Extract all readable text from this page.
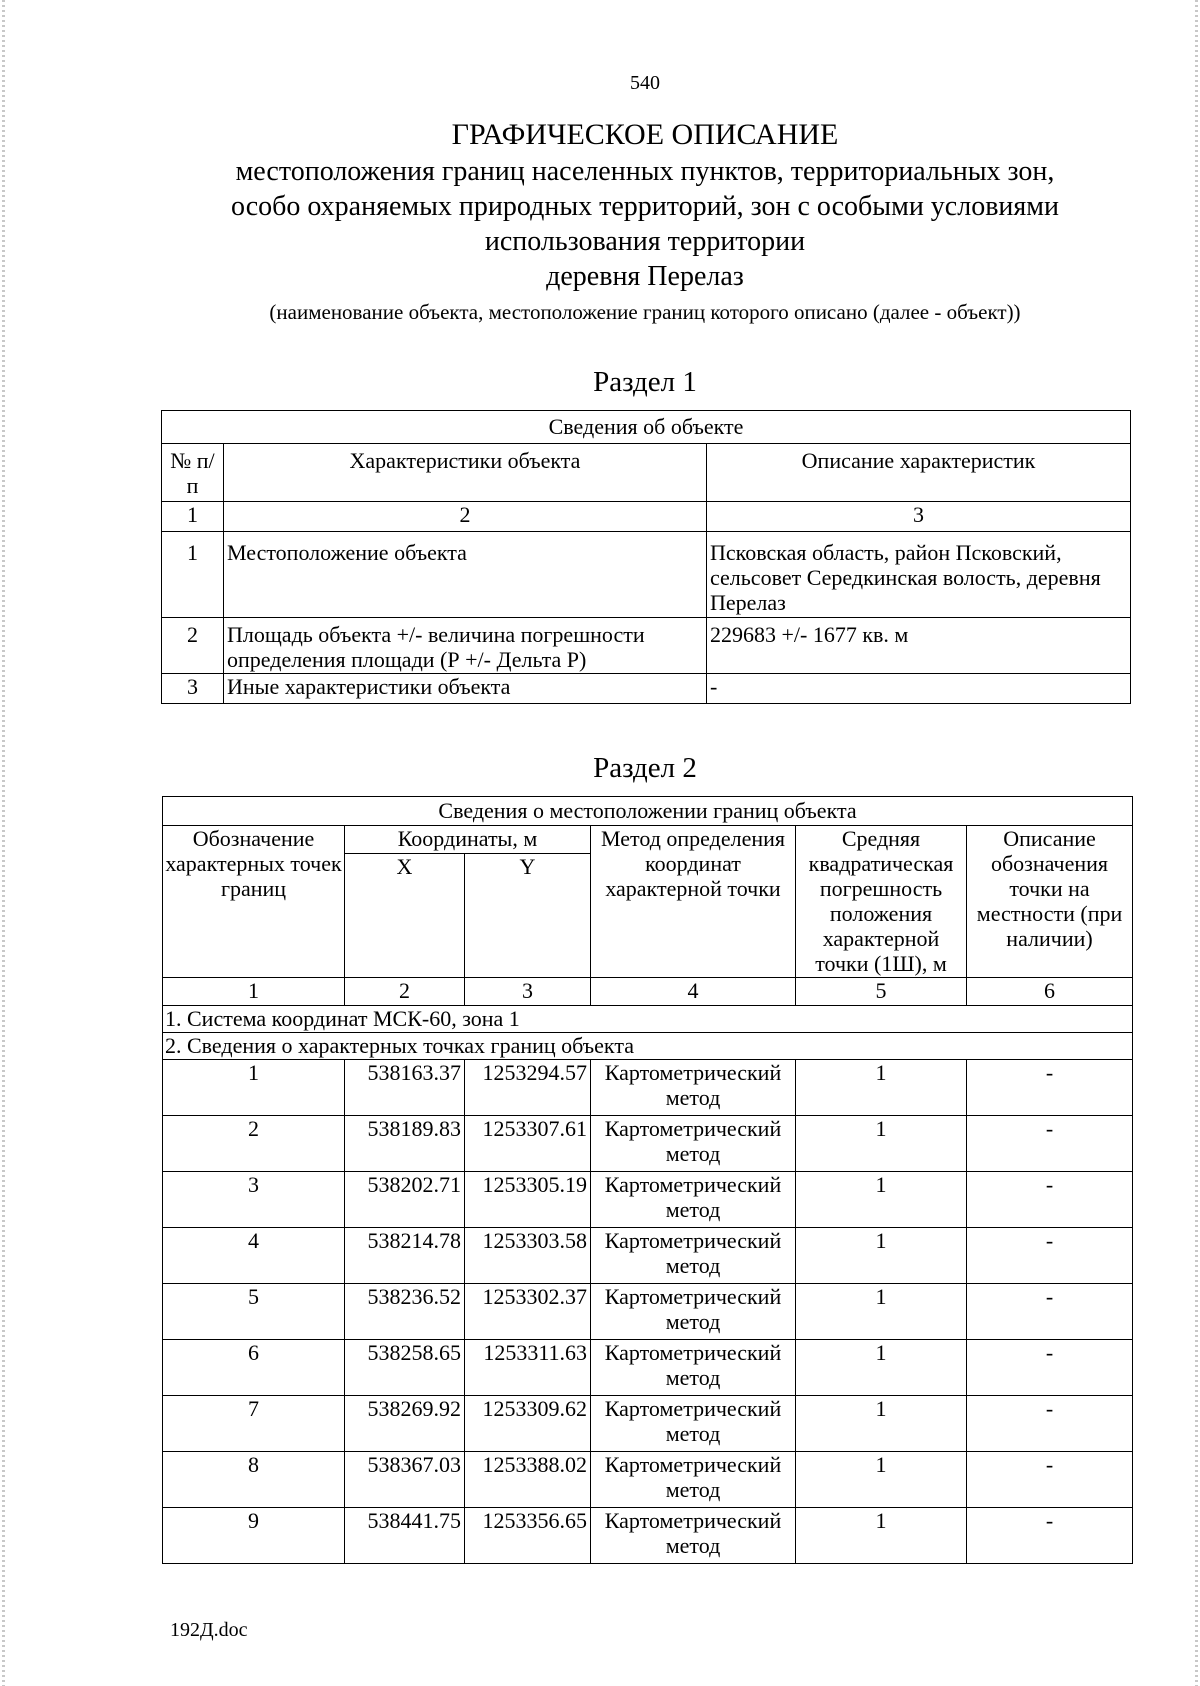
540
ГРАФИЧЕСКОЕ ОПИСАНИЕ
местоположения границ населенных пунктов, территориальных зон,
особо охраняемых природных территорий, зон с особыми условиями
использования территории
деревня Перелаз
(наименование объекта, местоположение границ которого описано (далее - объект))
Раздел 1
Сведения об объекте		
№ п/п	Характеристики объекта	Описание характеристик
1	2	3
1	Местоположение объекта	Псковская область, район Псковский, сельсовет Середкинская волость, деревня Перелаз
2	Площадь объекта +/- величина погрешности определения площади (Р +/- Дельта Р)	229683 +/- 1677 кв. м
3	Иные характеристики объекта	-
Раздел 2
Сведения о местоположении границ объекта					
Обозначение характерных точек границ	Координаты, м		Метод определения координат характерной точки	Средняя квадратическая погрешность положения характерной точки (1Ш), м	Описание обозначения точки на местности (при наличии)
	X	Y			
1	2	3	4	5	6
1. Система координат МСК-60, зона 1					
2. Сведения о характерных точках границ объекта					
1	538163.37	1253294.57	Картометрический метод	1	-
2	538189.83	1253307.61	Картометрический метод	1	-
3	538202.71	1253305.19	Картометрический метод	1	-
4	538214.78	1253303.58	Картометрический метод	1	-
5	538236.52	1253302.37	Картометрический метод	1	-
6	538258.65	1253311.63	Картометрический метод	1	-
7	538269.92	1253309.62	Картометрический метод	1	-
8	538367.03	1253388.02	Картометрический метод	1	-
9	538441.75	1253356.65	Картометрический метод	1	-
192Д.doc
